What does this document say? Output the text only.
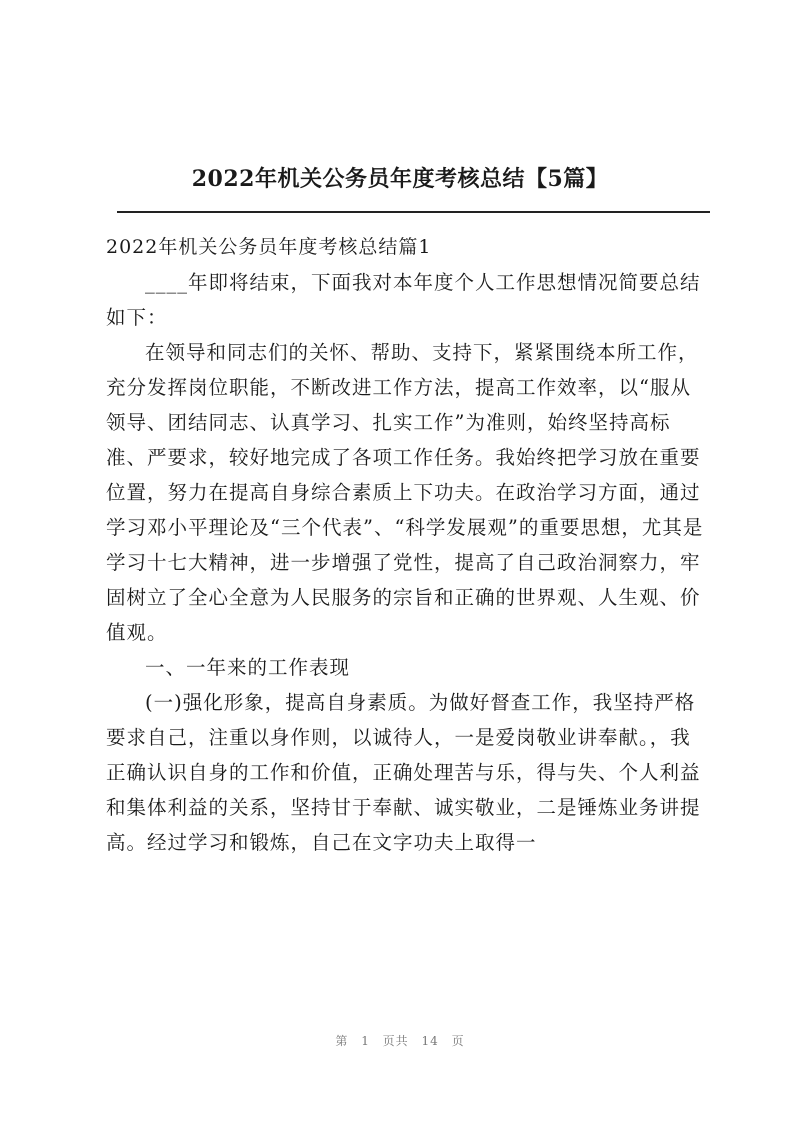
2022年机关公务员年度考核总结【5篇】
2022年机关公务员年度考核总结篇1

____年即将结束，下面我对本年度个人工作思想情况简要总结如下：

在领导和同志们的关怀、帮助、支持下，紧紧围绕本所工作，充分发挥岗位职能，不断改进工作方法，提高工作效率，以“服从领导、团结同志、认真学习、扎实工作”为准则，始终坚持高标准、严要求，较好地完成了各项工作任务。我始终把学习放在重要位置，努力在提高自身综合素质上下功夫。在政治学习方面，通过学习邓小平理论及“三个代表”、“科学发展观”的重要思想，尤其是学习十七大精神，进一步增强了党性，提高了自己政治洞察力，牢固树立了全心全意为人民服务的宗旨和正确的世界观、人生观、价值观。

一、一年来的工作表现

(一)强化形象，提高自身素质。为做好督查工作，我坚持严格要求自己，注重以身作则，以诚待人，一是爱岗敬业讲奉献。，我正确认识自身的工作和价值，正确处理苦与乐，得与失、个人利益和集体利益的关系，坚持甘于奉献、诚实敬业，二是锤炼业务讲提高。经过学习和锻炼，自己在文字功夫上取得一

第 1 页共 14 页
